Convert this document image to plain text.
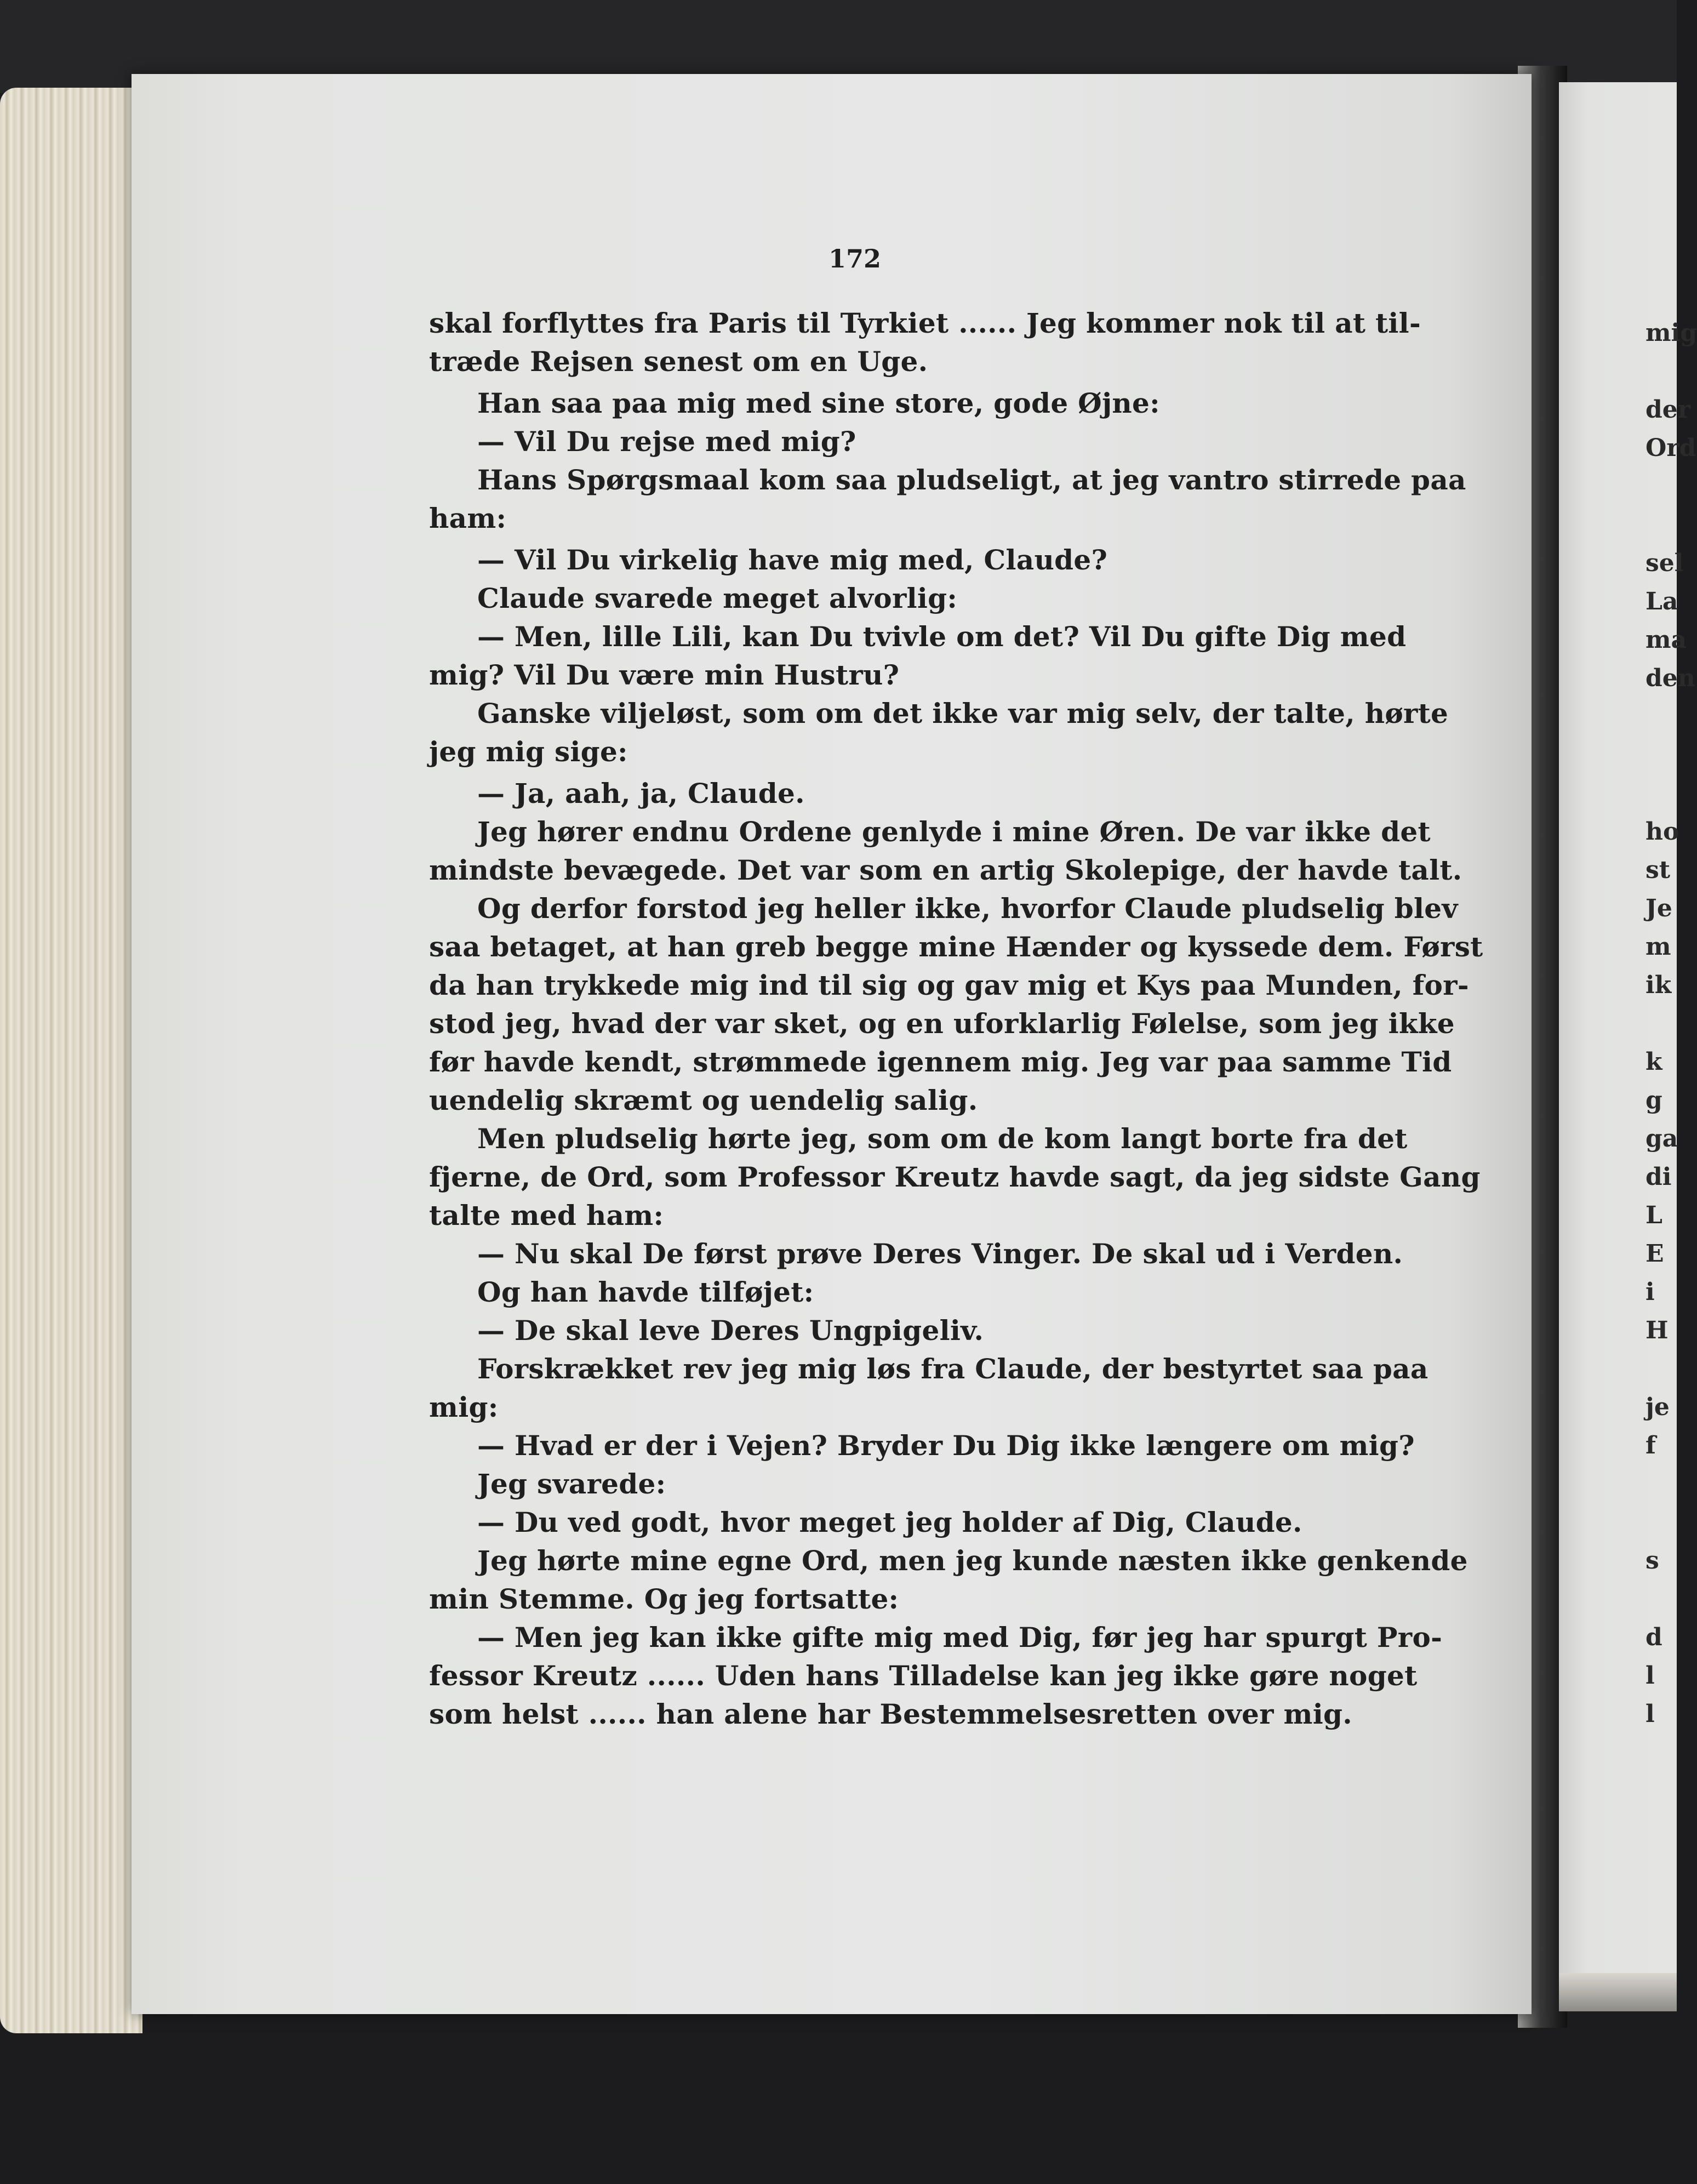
172
skal forflyttes fra Paris til Tyrkiet ...... Jeg kommer nok til at til-
træde Rejsen senest om en Uge.
Han saa paa mig med sine store, gode Øjne:
— Vil Du rejse med mig?
Hans Spørgsmaal kom saa pludseligt, at jeg vantro stirrede paa
ham:
— Vil Du virkelig have mig med, Claude?
Claude svarede meget alvorlig:
— Men, lille Lili, kan Du tvivle om det? Vil Du gifte Dig med
mig? Vil Du være min Hustru?
Ganske viljeløst, som om det ikke var mig selv, der talte, hørte
jeg mig sige:
— Ja, aah, ja, Claude.
Jeg hører endnu Ordene genlyde i mine Øren. De var ikke det
mindste bevægede. Det var som en artig Skolepige, der havde talt.
Og derfor forstod jeg heller ikke, hvorfor Claude pludselig blev
saa betaget, at han greb begge mine Hænder og kyssede dem. Først
da han trykkede mig ind til sig og gav mig et Kys paa Munden, for-
stod jeg, hvad der var sket, og en uforklarlig Følelse, som jeg ikke
før havde kendt, strømmede igennem mig. Jeg var paa samme Tid
uendelig skræmt og uendelig salig.
Men pludselig hørte jeg, som om de kom langt borte fra det
fjerne, de Ord, som Professor Kreutz havde sagt, da jeg sidste Gang
talte med ham:
— Nu skal De først prøve Deres Vinger. De skal ud i Verden.
Og han havde tilføjet:
— De skal leve Deres Ungpigeliv.
Forskrækket rev jeg mig løs fra Claude, der bestyrtet saa paa
mig:
— Hvad er der i Vejen? Bryder Du Dig ikke længere om mig?
Jeg svarede:
— Du ved godt, hvor meget jeg holder af Dig, Claude.
Jeg hørte mine egne Ord, men jeg kunde næsten ikke genkende
min Stemme. Og jeg fortsatte:
— Men jeg kan ikke gifte mig med Dig, før jeg har spurgt Pro-
fessor Kreutz ...... Uden hans Tilladelse kan jeg ikke gøre noget
som helst ...... han alene har Bestemmelsesretten over mig.
mig
der
Ord
sel
La
ma
den
ho
st
Je
m
ik
k
g
ga
di
L
E
i
H
je
f
s
d
l
l
